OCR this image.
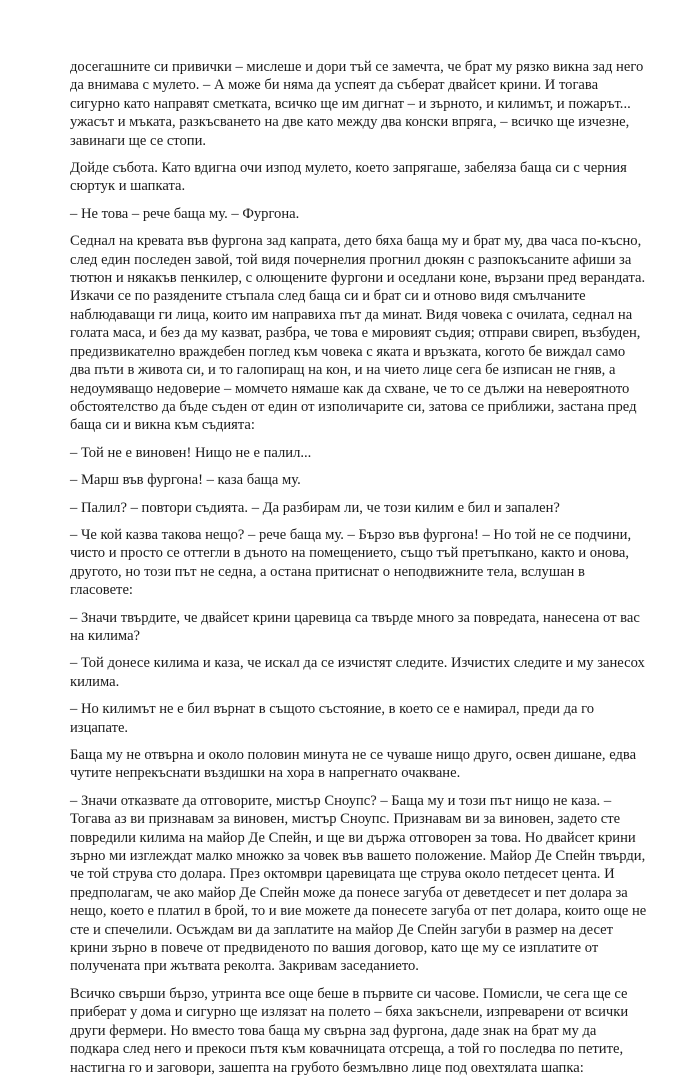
досегашните си привички – мислеше и дори тъй се замечта, че брат му рязко викна зад него да внимава с мулето. – А може би няма да успеят да съберат двайсет крини. И тогава сигурно като направят сметката, всичко ще им дигнат – и зърното, и килимът, и пожарът... ужасът и мъката, разкъсването на две като между два конски впряга, – всичко ще изчезне, завинаги ще се стопи.

Дойде събота. Като вдигна очи изпод мулето, което запрягаше, забеляза баща си с черния сюртук и шапката.

– Не това – рече баща му. – Фургона.

Седнал на кревата във фургона зад капрата, дето бяха баща му и брат му, два часа по-късно, след един последен завой, той видя почернелия прогнил дюкян с разпокъсаните афиши за тютюн и някакъв пенкилер, с олющените фургони и оседлани коне, вързани пред верандата. Изкачи се по разядените стъпала след баща си и брат си и отново видя смълчаните наблюдаващи ги лица, които им направиха път да минат. Видя човека с очилата, седнал на голата маса, и без да му казват, разбра, че това е мировият съдия; отправи свиреп, възбуден, предизвикателно враждебен поглед към човека с яката и връзката, когото бе виждал само два пъти в живота си, и то галопиращ на кон, и на чието лице сега бе изписан не гняв, а недоумяващо недоверие – момчето нямаше как да схване, че то се дължи на невероятното обстоятелство да бъде съден от един от изполичарите си, затова се приближи, застана пред баща си и викна към съдията:

– Той не е виновен! Нищо не е палил...

– Марш във фургона! – каза баща му.

– Палил? – повтори съдията. – Да разбирам ли, че този килим е бил и запален?

– Че кой казва такова нещо? – рече баща му. – Бързо във фургона! – Но той не се подчини, чисто и просто се оттегли в дъното на помещението, също тъй претъпкано, както и онова, другото, но този път не седна, а остана притиснат о неподвижните тела, вслушан в гласовете:

– Значи твърдите, че двайсет крини царевица са твърде много за повредата, нанесена от вас на килима?

– Той донесе килима и каза, че искал да се изчистят следите. Изчистих следите и му занесох килима.

– Но килимът не е бил върнат в същото състояние, в което се е намирал, преди да го изцапате.

Баща му не отвърна и около половин минута не се чуваше нищо друго, освен дишане, едва чутите непрекъснати въздишки на хора в напрегнато очакване.

– Значи отказвате да отговорите, мистър Сноупс? – Баща му и този път нищо не каза. – Тогава аз ви признавам за виновен, мистър Сноупс. Признавам ви за виновен, задето сте повредили килима на майор Де Спейн, и ще ви държа отговорен за това. Но двайсет крини зърно ми изглеждат малко множко за човек във вашето положение. Майор Де Спейн твърди, че той струва сто долара. През октомври царевицата ще струва около петдесет цента. И предполагам, че ако майор Де Спейн може да понесе загуба от деветдесет и пет долара за нещо, което е платил в брой, то и вие можете да понесете загуба от пет долара, които още не сте и спечелили. Осъждам ви да заплатите на майор Де Спейн загуби в размер на десет крини зърно в повече от предвиденото по вашия договор, като ще му се изплатите от получената при жътвата реколта. Закривам заседанието.

Всичко свърши бързо, утринта все още беше в първите си часове. Помисли, че сега ще се приберат у дома и сигурно ще излязат на полето – бяха закъснели, изпреварени от всички други фермери. Но вместо това баща му свърна зад фургона, даде знак на брат му да подкара след него и прекоси пътя към ковачницата отсреща, а той го последва по петите, настигна го и заговори, зашепта на грубото безмълвно лице под овехтялата шапка:
